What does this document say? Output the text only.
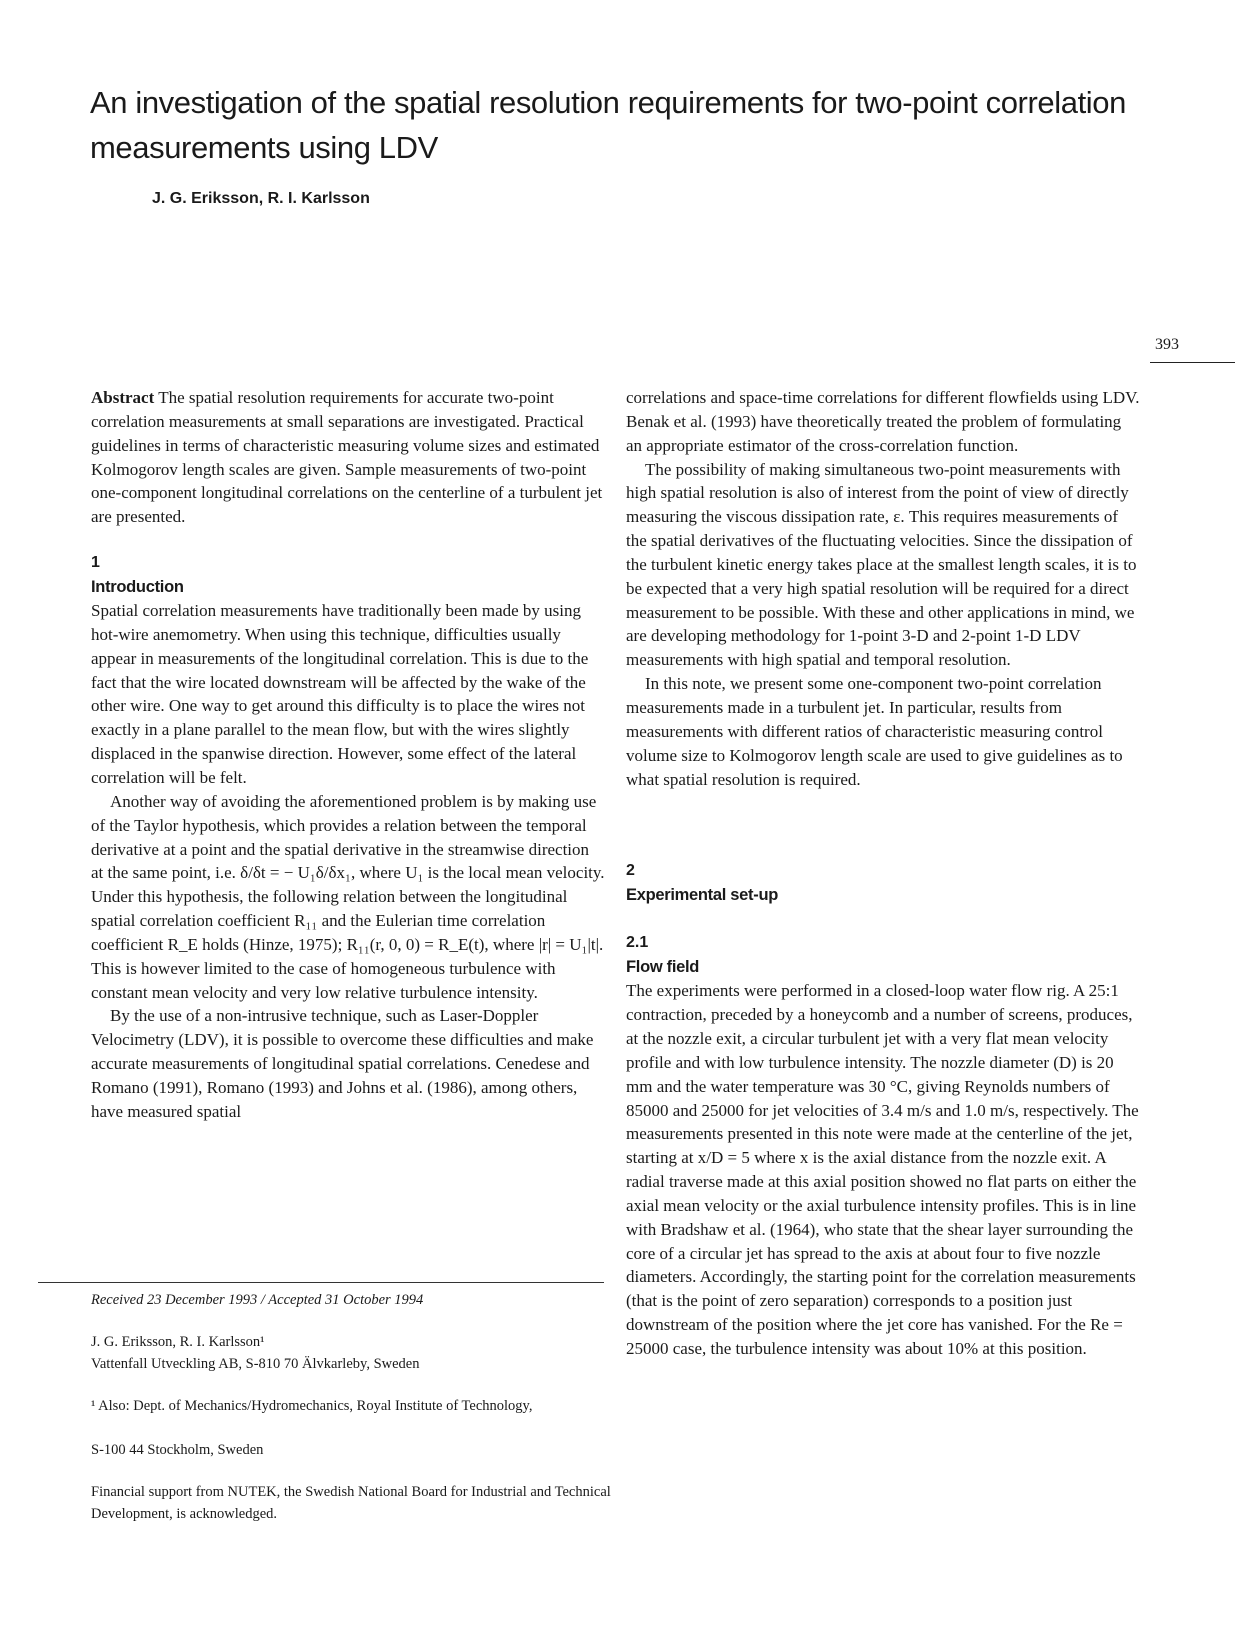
An investigation of the spatial resolution requirements for two-point correlation measurements using LDV

J. G. Eriksson, R. I. Karlsson

393

Abstract The spatial resolution requirements for accurate two-point correlation measurements at small separations are investigated. Practical guidelines in terms of characteristic measuring volume sizes and estimated Kolmogorov length scales are given. Sample measurements of two-point one-component longitudinal correlations on the centerline of a turbulent jet are presented.

1

Introduction

Spatial correlation measurements have traditionally been made by using hot-wire anemometry. When using this technique, difficulties usually appear in measurements of the longitudinal correlation. This is due to the fact that the wire located downstream will be affected by the wake of the other wire. One way to get around this difficulty is to place the wires not exactly in a plane parallel to the mean flow, but with the wires slightly displaced in the spanwise direction. However, some effect of the lateral correlation will be felt.

Another way of avoiding the aforementioned problem is by making use of the Taylor hypothesis, which provides a relation between the temporal derivative at a point and the spatial derivative in the streamwise direction at the same point, i.e. δ/δt = − U₁δ/δx₁, where U₁ is the local mean velocity. Under this hypothesis, the following relation between the longitudinal spatial correlation coefficient R₁₁ and the Eulerian time correlation coefficient R_E holds (Hinze, 1975); R₁₁(r, 0, 0) = R_E(t), where |r| = U₁|t|. This is however limited to the case of homogeneous turbulence with constant mean velocity and very low relative turbulence intensity.

By the use of a non-intrusive technique, such as Laser-Doppler Velocimetry (LDV), it is possible to overcome these difficulties and make accurate measurements of longitudinal spatial correlations. Cenedese and Romano (1991), Romano (1993) and Johns et al. (1986), among others, have measured spatial

correlations and space-time correlations for different flowfields using LDV. Benak et al. (1993) have theoretically treated the problem of formulating an appropriate estimator of the cross-correlation function.

The possibility of making simultaneous two-point measurements with high spatial resolution is also of interest from the point of view of directly measuring the viscous dissipation rate, ε. This requires measurements of the spatial derivatives of the fluctuating velocities. Since the dissipation of the turbulent kinetic energy takes place at the smallest length scales, it is to be expected that a very high spatial resolution will be required for a direct measurement to be possible. With these and other applications in mind, we are developing methodology for 1-point 3-D and 2-point 1-D LDV measurements with high spatial and temporal resolution.

In this note, we present some one-component two-point correlation measurements made in a turbulent jet. In particular, results from measurements with different ratios of characteristic measuring control volume size to Kolmogorov length scale are used to give guidelines as to what spatial resolution is required.

2

Experimental set-up

2.1

Flow field

The experiments were performed in a closed-loop water flow rig. A 25:1 contraction, preceded by a honeycomb and a number of screens, produces, at the nozzle exit, a circular turbulent jet with a very flat mean velocity profile and with low turbulence intensity. The nozzle diameter (D) is 20 mm and the water temperature was 30 °C, giving Reynolds numbers of 85000 and 25000 for jet velocities of 3.4 m/s and 1.0 m/s, respectively. The measurements presented in this note were made at the centerline of the jet, starting at x/D = 5 where x is the axial distance from the nozzle exit. A radial traverse made at this axial position showed no flat parts on either the axial mean velocity or the axial turbulence intensity profiles. This is in line with Bradshaw et al. (1964), who state that the shear layer surrounding the core of a circular jet has spread to the axis at about four to five nozzle diameters. Accordingly, the starting point for the correlation measurements (that is the point of zero separation) corresponds to a position just downstream of the position where the jet core has vanished. For the Re = 25000 case, the turbulence intensity was about 10% at this position.

Received 23 December 1993 / Accepted 31 October 1994

J. G. Eriksson, R. I. Karlsson¹

Vattenfall Utveckling AB, S-810 70 Älvkarleby, Sweden

¹ Also: Dept. of Mechanics/Hydromechanics, Royal Institute of Technology,

S-100 44 Stockholm, Sweden

Financial support from NUTEK, the Swedish National Board for Industrial and Technical Development, is acknowledged.
